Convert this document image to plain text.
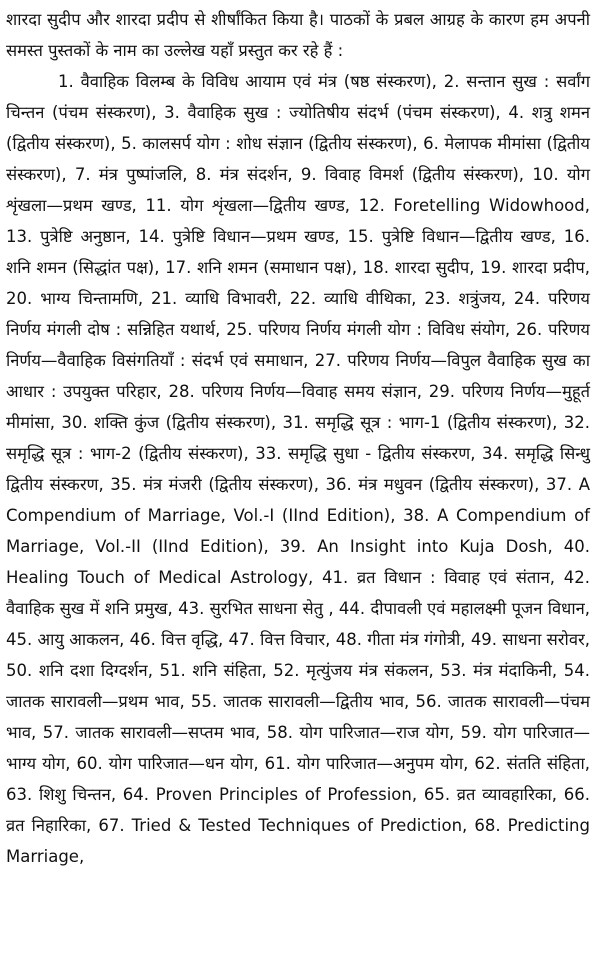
शारदा सुदीप और शारदा प्रदीप से शीर्षांकित किया है। पाठकों के प्रबल आग्रह के कारण हम अपनी समस्त पुस्तकों के नाम का उल्लेख यहाँ प्रस्तुत कर रहे हैं :

1. वैवाहिक विलम्ब के विविध आयाम एवं मंत्र (षष्ठ संस्करण), 2. सन्तान सुख : सर्वांग चिन्तन (पंचम संस्करण), 3. वैवाहिक सुख : ज्योतिषीय संदर्भ (पंचम संस्करण), 4. शत्रु शमन (द्वितीय संस्करण), 5. कालसर्प योग : शोध संज्ञान (द्वितीय संस्करण), 6. मेलापक मीमांसा (द्वितीय संस्करण), 7. मंत्र पुष्पांजलि, 8. मंत्र संदर्शन, 9. विवाह विमर्श (द्वितीय संस्करण), 10. योग शृंखला—प्रथम खण्ड, 11. योग शृंखला—द्वितीय खण्ड, 12. Foretelling Widowhood, 13. पुत्रेष्टि अनुष्ठान, 14. पुत्रेष्टि विधान—प्रथम खण्ड, 15. पुत्रेष्टि विधान—द्वितीय खण्ड, 16. शनि शमन (सिद्धांत पक्ष), 17. शनि शमन (समाधान पक्ष), 18. शारदा सुदीप, 19. शारदा प्रदीप, 20. भाग्य चिन्तामणि, 21. व्याधि विभावरी, 22. व्याधि वीथिका, 23. शत्रुंजय, 24. परिणय निर्णय मंगली दोष : सन्निहित यथार्थ, 25. परिणय निर्णय मंगली योग : विविध संयोग, 26. परिणय निर्णय—वैवाहिक विसंगतियाँ : संदर्भ एवं समाधान, 27. परिणय निर्णय—विपुल वैवाहिक सुख का आधार : उपयुक्त परिहार, 28. परिणय निर्णय—विवाह समय संज्ञान, 29. परिणय निर्णय—मुहूर्त मीमांसा, 30. शक्ति कुंज (द्वितीय संस्करण), 31. समृद्धि सूत्र : भाग-1 (द्वितीय संस्करण), 32. समृद्धि सूत्र : भाग-2 (द्वितीय संस्करण), 33. समृद्धि सुधा - द्वितीय संस्करण, 34. समृद्धि सिन्धु द्वितीय संस्करण, 35. मंत्र मंजरी (द्वितीय संस्करण), 36. मंत्र मधुवन (द्वितीय संस्करण), 37. A Compendium of Marriage, Vol.-I (IInd Edition), 38. A Compendium of Marriage, Vol.-II (IInd Edition), 39. An Insight into Kuja Dosh, 40. Healing Touch of Medical Astrology, 41. व्रत विधान : विवाह एवं संतान, 42. वैवाहिक सुख में शनि प्रमुख, 43. सुरभित साधना सेतु , 44. दीपावली एवं महालक्ष्मी पूजन विधान, 45. आयु आकलन, 46. वित्त वृद्धि, 47. वित्त विचार, 48. गीता मंत्र गंगोत्री, 49. साधना सरोवर, 50. शनि दशा दिग्दर्शन, 51. शनि संहिता, 52. मृत्युंजय मंत्र संकलन, 53. मंत्र मंदाकिनी, 54. जातक सारावली—प्रथम भाव, 55. जातक सारावली—द्वितीय भाव, 56. जातक सारावली—पंचम भाव, 57. जातक सारावली—सप्तम भाव, 58. योग पारिजात—राज योग, 59. योग पारिजात—भाग्य योग, 60. योग पारिजात—धन योग, 61. योग पारिजात—अनुपम योग, 62. संतति संहिता, 63. शिशु चिन्तन, 64. Proven Principles of Profession, 65. व्रत व्यावहारिका, 66. व्रत निहारिका, 67. Tried & Tested Techniques of Prediction, 68. Predicting Marriage,
